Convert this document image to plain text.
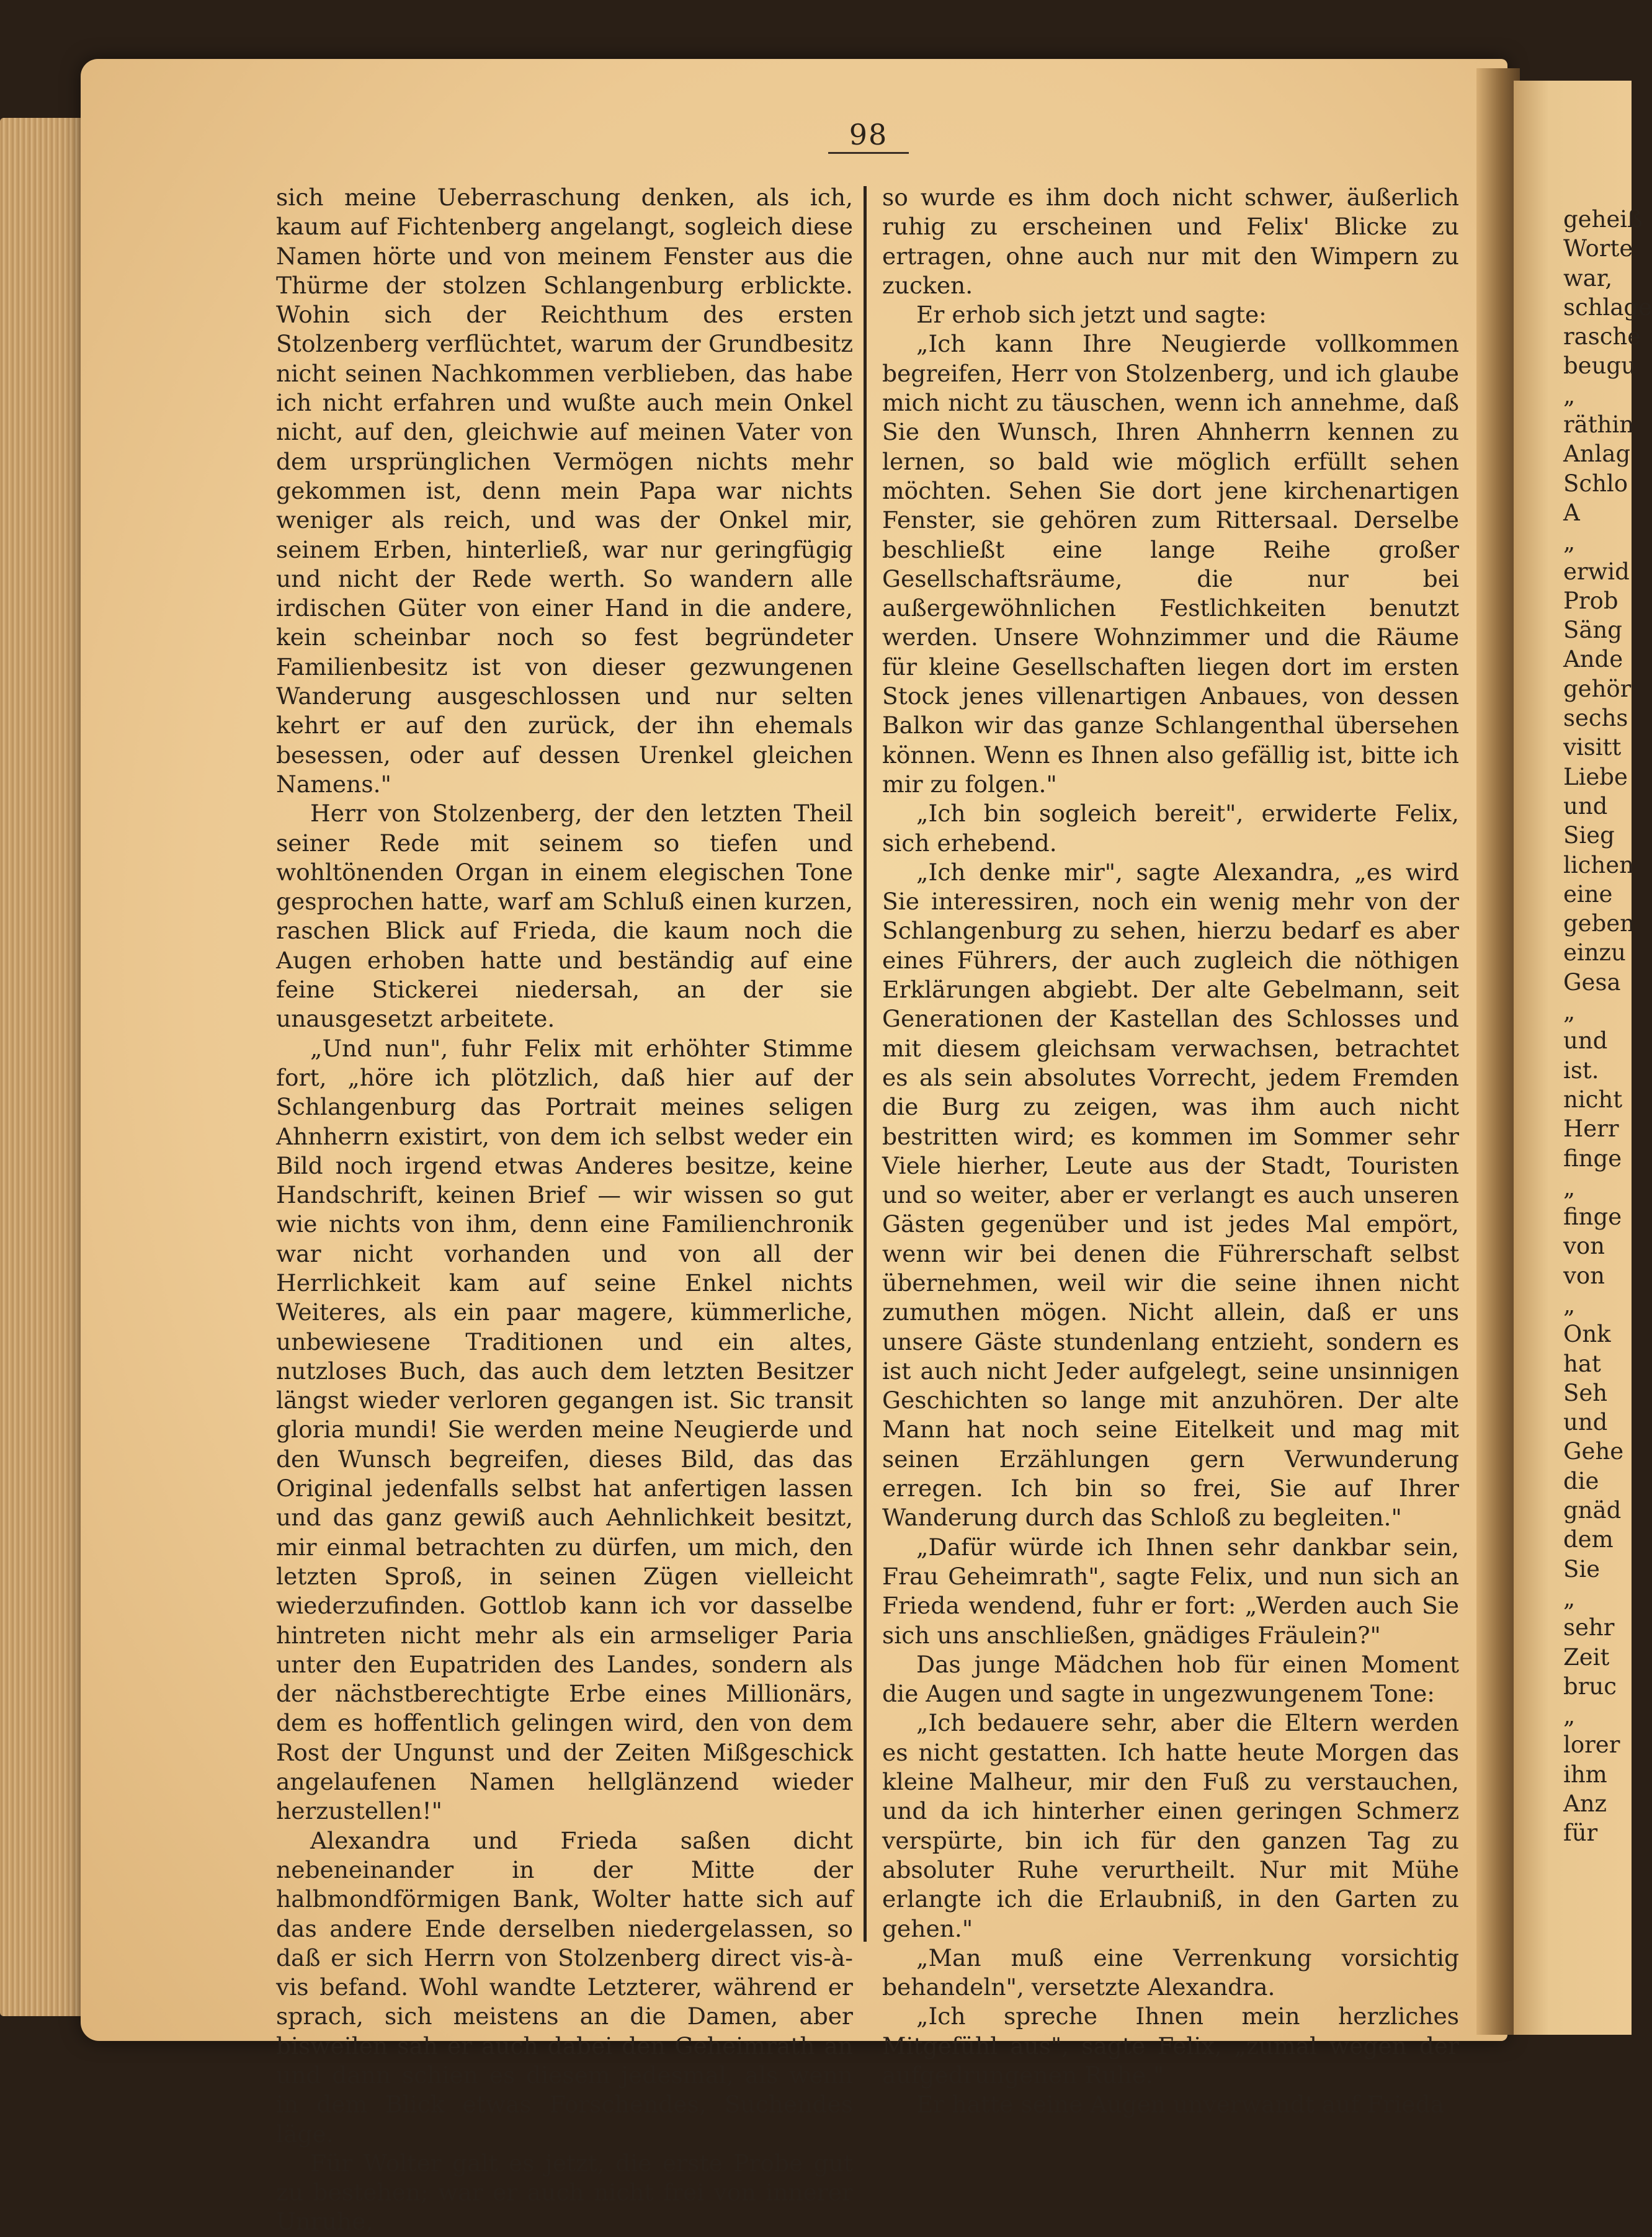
98

sich meine Ueberraschung denken, als ich, kaum auf Fichtenberg angelangt, sogleich diese Namen hörte und von meinem Fenster aus die Thürme der stolzen Schlangenburg erblickte. Wohin sich der Reichthum des ersten Stolzenberg verflüchtet, warum der Grundbesitz nicht seinen Nachkommen verblieben, das habe ich nicht erfahren und wußte auch mein Onkel nicht, auf den, gleichwie auf meinen Vater von dem ursprünglichen Vermögen nichts mehr gekommen ist, denn mein Papa war nichts weniger als reich, und was der Onkel mir, seinem Erben, hinterließ, war nur geringfügig und nicht der Rede werth. So wandern alle irdischen Güter von einer Hand in die andere, kein scheinbar noch so fest begründeter Familienbesitz ist von dieser gezwungenen Wanderung ausgeschlossen und nur selten kehrt er auf den zurück, der ihn ehemals besessen, oder auf dessen Urenkel gleichen Namens."

Herr von Stolzenberg, der den letzten Theil seiner Rede mit seinem so tiefen und wohltönenden Organ in einem elegischen Tone gesprochen hatte, warf am Schluß einen kurzen, raschen Blick auf Frieda, die kaum noch die Augen erhoben hatte und beständig auf eine feine Stickerei niedersah, an der sie unausgesetzt arbeitete.

„Und nun", fuhr Felix mit erhöhter Stimme fort, „höre ich plötzlich, daß hier auf der Schlangenburg das Portrait meines seligen Ahnherrn existirt, von dem ich selbst weder ein Bild noch irgend etwas Anderes besitze, keine Handschrift, keinen Brief — wir wissen so gut wie nichts von ihm, denn eine Familienchronik war nicht vorhanden und von all der Herrlichkeit kam auf seine Enkel nichts Weiteres, als ein paar magere, kümmerliche, unbewiesene Traditionen und ein altes, nutzloses Buch, das auch dem letzten Besitzer längst wieder verloren gegangen ist. Sic transit gloria mundi! Sie werden meine Neugierde und den Wunsch begreifen, dieses Bild, das das Original jedenfalls selbst hat anfertigen lassen und das ganz gewiß auch Aehnlichkeit besitzt, mir einmal betrachten zu dürfen, um mich, den letzten Sproß, in seinen Zügen vielleicht wiederzufinden. Gottlob kann ich vor dasselbe hintreten nicht mehr als ein armseliger Paria unter den Eupatriden des Landes, sondern als der nächstberechtigte Erbe eines Millionärs, dem es hoffentlich gelingen wird, den von dem Rost der Ungunst und der Zeiten Mißgeschick angelaufenen Namen hellglänzend wieder herzustellen!"

Alexandra und Frieda saßen dicht nebeneinander in der Mitte der halbmondförmigen Bank, Wolter hatte sich auf das andere Ende derselben niedergelassen, so daß er sich Herrn von Stolzenberg direct vis-à-vis befand. Wohl wandte Letzterer, während er sprach, sich meistens an die Damen, aber bisweilen sah er auch dabei den Geheimrath an und dann schien es diesem jedesmal, als wenn in dem Blick etwas Forschendes, Suchendes läge.

Für Wolter galt es jetzt, die erste Probe gut zu bestehen; war er auch nicht frei von innerer Unruhe,

so wurde es ihm doch nicht schwer, äußerlich ruhig zu erscheinen und Felix' Blicke zu ertragen, ohne auch nur mit den Wimpern zu zucken.

Er erhob sich jetzt und sagte:

„Ich kann Ihre Neugierde vollkommen begreifen, Herr von Stolzenberg, und ich glaube mich nicht zu täuschen, wenn ich annehme, daß Sie den Wunsch, Ihren Ahnherrn kennen zu lernen, so bald wie möglich erfüllt sehen möchten. Sehen Sie dort jene kirchenartigen Fenster, sie gehören zum Rittersaal. Derselbe beschließt eine lange Reihe großer Gesellschaftsräume, die nur bei außergewöhnlichen Festlichkeiten benutzt werden. Unsere Wohnzimmer und die Räume für kleine Gesellschaften liegen dort im ersten Stock jenes villenartigen Anbaues, von dessen Balkon wir das ganze Schlangenthal übersehen können. Wenn es Ihnen also gefällig ist, bitte ich mir zu folgen."

„Ich bin sogleich bereit", erwiderte Felix, sich erhebend.

„Ich denke mir", sagte Alexandra, „es wird Sie interessiren, noch ein wenig mehr von der Schlangenburg zu sehen, hierzu bedarf es aber eines Führers, der auch zugleich die nöthigen Erklärungen abgiebt. Der alte Gebelmann, seit Generationen der Kastellan des Schlosses und mit diesem gleichsam verwachsen, betrachtet es als sein absolutes Vorrecht, jedem Fremden die Burg zu zeigen, was ihm auch nicht bestritten wird; es kommen im Sommer sehr Viele hierher, Leute aus der Stadt, Touristen und so weiter, aber er verlangt es auch unseren Gästen gegenüber und ist jedes Mal empört, wenn wir bei denen die Führerschaft selbst übernehmen, weil wir die seine ihnen nicht zumuthen mögen. Nicht allein, daß er uns unsere Gäste stundenlang entzieht, sondern es ist auch nicht Jeder aufgelegt, seine unsinnigen Geschichten so lange mit anzuhören. Der alte Mann hat noch seine Eitelkeit und mag mit seinen Erzählungen gern Verwunderung erregen. Ich bin so frei, Sie auf Ihrer Wanderung durch das Schloß zu begleiten."

„Dafür würde ich Ihnen sehr dankbar sein, Frau Geheimrath", sagte Felix, und nun sich an Frieda wendend, fuhr er fort: „Werden auch Sie sich uns anschließen, gnädiges Fräulein?"

Das junge Mädchen hob für einen Moment die Augen und sagte in ungezwungenem Tone:

„Ich bedauere sehr, aber die Eltern werden es nicht gestatten. Ich hatte heute Morgen das kleine Malheur, mir den Fuß zu verstauchen, und da ich hinterher einen geringen Schmerz verspürte, bin ich für den ganzen Tag zu absoluter Ruhe verurtheilt. Nur mit Mühe erlangte ich die Erlaubniß, in den Garten zu gehen."

„Man muß eine Verrenkung vorsichtig behandeln", versetzte Alexandra.

„Ich spreche Ihnen mein herzliches Mitgefühl aus", sagte Felix, „zumal wegen der aufgedrungenen Ruhe."

Er hatte seine Augen unverwandt auf Frieda

geheiß
Worte
war,
schlage
rasche
beugu
„
räthin
Anlag
Schlo
A
„
erwid
Prob
Säng
Ande
gehör
sechs
visitt
Liebe
und
Sieg
lichen
eine
geben
einzu
Gesa
„
und
ist.
nicht
Herr
finge
„
finge
von
von
„
Onk
hat
Seh
und
Gehe
die
gnäd
dem
Sie
„
sehr
Zeit
bruc
„
lorer
ihm
Anz
für
